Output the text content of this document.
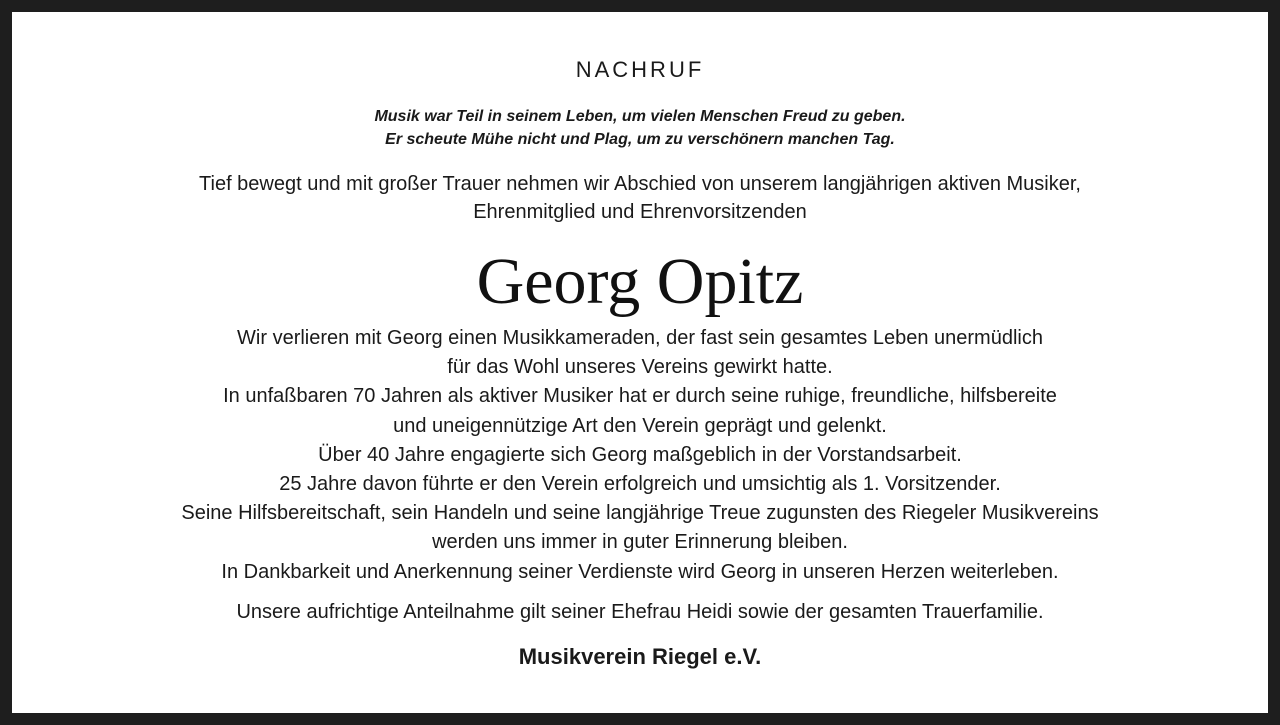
NACHRUF
Musik war Teil in seinem Leben, um vielen Menschen Freud zu geben.
Er scheute Mühe nicht und Plag, um zu verschönern manchen Tag.
Tief bewegt und mit großer Trauer nehmen wir Abschied von unserem langjährigen aktiven Musiker,
Ehrenmitglied und Ehrenvorsitzenden
Georg Opitz
Wir verlieren mit Georg einen Musikkameraden, der fast sein gesamtes Leben unermüdlich
für das Wohl unseres Vereins gewirkt hatte.
In unfaßbaren 70 Jahren als aktiver Musiker hat er durch seine ruhige, freundliche, hilfsbereite
und uneigennützige Art den Verein geprägt und gelenkt.
Über 40 Jahre engagierte sich Georg maßgeblich in der Vorstandsarbeit.
25 Jahre davon führte er den Verein erfolgreich und umsichtig als 1. Vorsitzender.
Seine Hilfsbereitschaft, sein Handeln und seine langjährige Treue zugunsten des Riegeler Musikvereins
werden uns immer in guter Erinnerung bleiben.
In Dankbarkeit und Anerkennung seiner Verdienste wird Georg in unseren Herzen weiterleben.
Unsere aufrichtige Anteilnahme gilt seiner Ehefrau Heidi sowie der gesamten Trauerfamilie.
Musikverein Riegel e.V.
